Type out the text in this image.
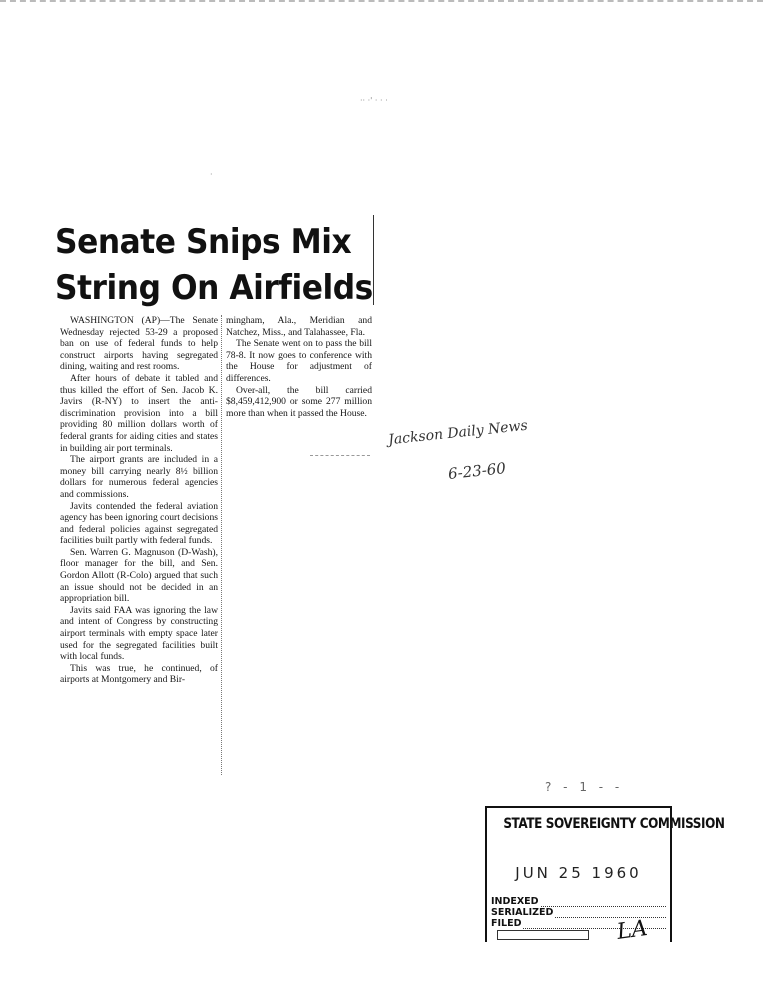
·· ·' · · ·
·
Senate Snips Mix
String On Airfields

WASHINGTON (AP)—The Senate Wednesday rejected 53-29 a proposed ban on use of federal funds to help construct airports having segregated dining, waiting and rest rooms.

After hours of debate it tabled and thus killed the effort of Sen. Jacob K. Javirs (R-NY) to insert the anti-discrimination provision into a bill providing 80 million dollars worth of federal grants for aiding cities and states in building air port terminals.

The airport grants are included in a money bill carrying nearly 8½ billion dollars for numerous federal agencies and commissions.

Javits contended the federal aviation agency has been ignoring court decisions and federal policies against segregated facilities built partly with federal funds.

Sen. Warren G. Magnuson (D-Wash), floor manager for the bill, and Sen. Gordon Allott (R-Colo) argued that such an issue should not be decided in an appropriation bill.

Javits said FAA was ignoring the law and intent of Congress by constructing airport terminals with empty space later used for the segregated facilities built with local funds.

This was true, he continued, of airports at Montgomery and Bir-

mingham, Ala., Meridian and Natchez, Miss., and Talahassee, Fla.

The Senate went on to pass the bill 78-8. It now goes to conference with the House for adjustment of differences.

Over-all, the bill carried $8,459,412,900 or some 277 million more than when it passed the House.

Jackson Daily News
6-23-60
? - 1 - -
STATE SOVEREIGNTY COMMISSION
JUN 25 1960
INDEXED
SERIALIZED
FILED	LA
